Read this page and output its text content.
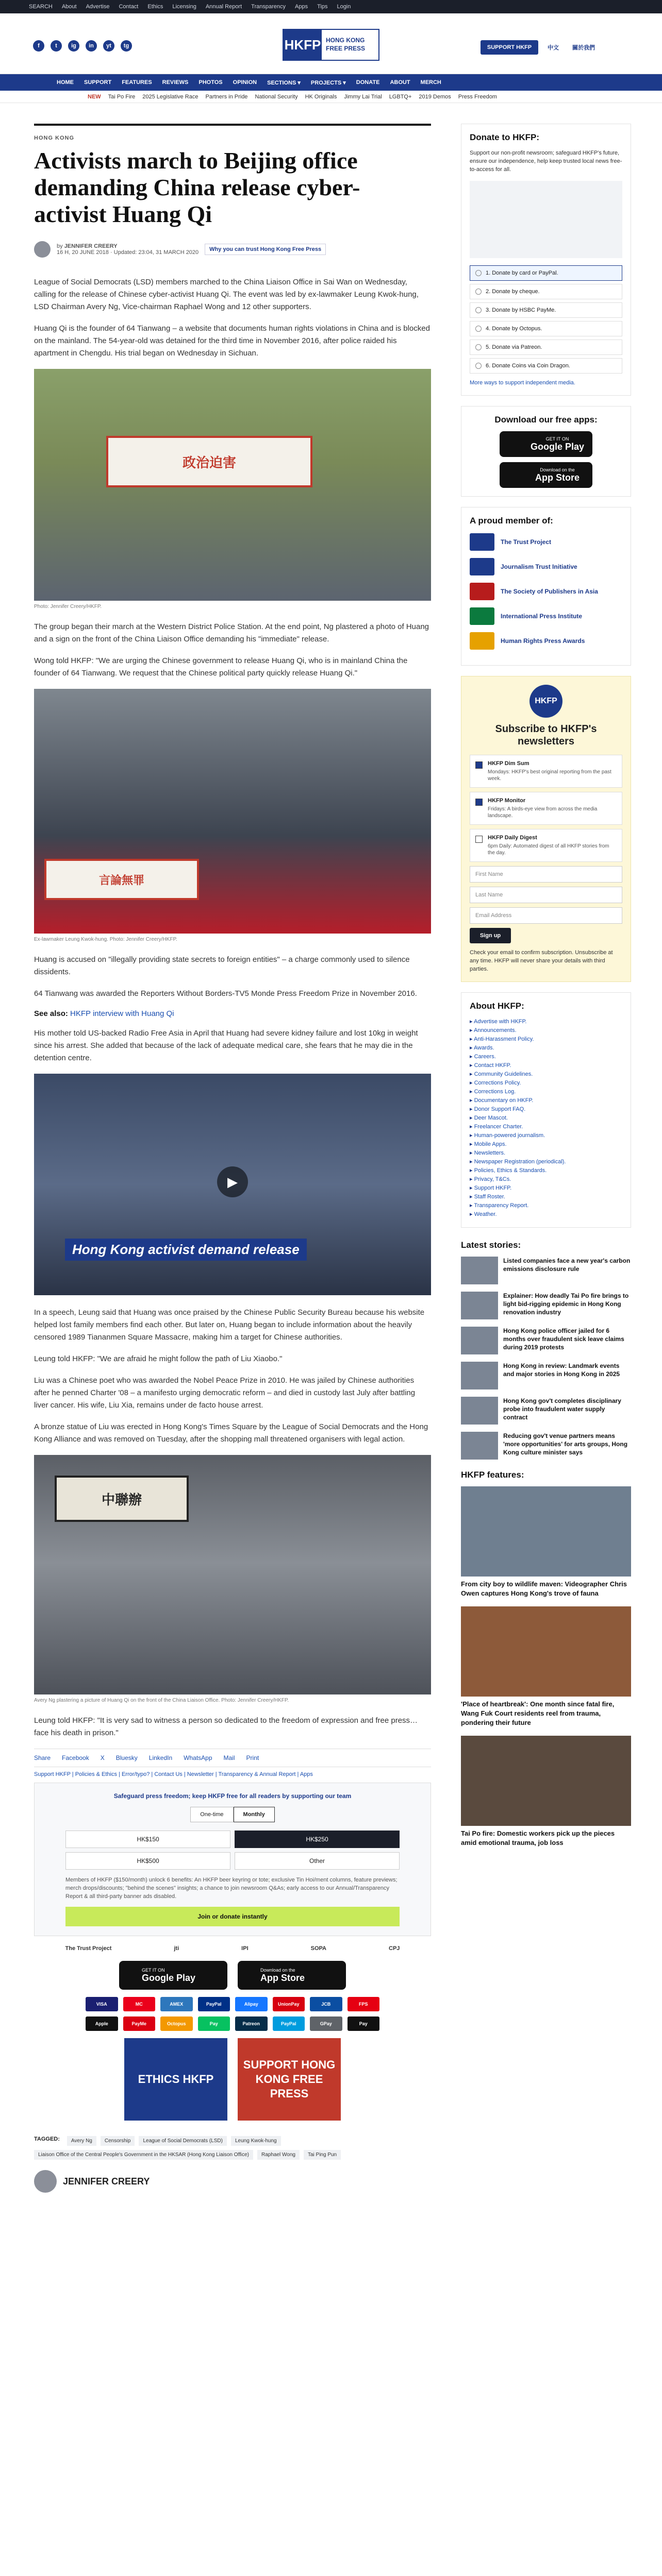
SEARCH About Advertise Contact Ethics Licensing Annual Report Transparency Apps Tips Login
f	t	ig	in	yt	tg	HKFP HONG KONG
FREE PRESS	SUPPORT HKFP	中文 關於我們
HOME SUPPORT FEATURES REVIEWS PHOTOS OPINION SECTIONS ▾ PROJECTS ▾ DONATE ABOUT MERCH
NEW Tai Po Fire 2025 Legislative Race Partners in Pride National Security HK Originals Jimmy Lai Trial LGBTQ+ 2019 Demos Press Freedom
HONG KONG
Activists march to Beijing office demanding China release cyber-activist Huang Qi
by JENNIFER CREERY
16 H, 20 JUNE 2018 · Updated: 23:04, 31 MARCH 2020	Why you can trust Hong Kong Free Press

League of Social Democrats (LSD) members marched to the China Liaison Office in Sai Wan on Wednesday, calling for the release of Chinese cyber-activist Huang Qi. The event was led by ex-lawmaker Leung Kwok-hung, LSD Chairman Avery Ng, Vice-chairman Raphael Wong and 12 other supporters.

Huang Qi is the founder of 64 Tianwang – a website that documents human rights violations in China and is blocked on the mainland. The 54-year-old was detained for the third time in November 2016, after police raided his apartment in Chengdu. His trial began on Wednesday in Sichuan.

政治迫害
Photo: Jennifer Creery/HKFP.

The group began their march at the Western District Police Station. At the end point, Ng plastered a photo of Huang and a sign on the front of the China Liaison Office demanding his "immediate" release.

Wong told HKFP: "We are urging the Chinese government to release Huang Qi, who is in mainland China the founder of 64 Tianwang. We request that the Chinese political party quickly release Huang Qi."

言論無罪
Ex-lawmaker Leung Kwok-hung. Photo: Jennifer Creery/HKFP.

Huang is accused on "illegally providing state secrets to foreign entities" – a charge commonly used to silence dissidents.

64 Tianwang was awarded the Reporters Without Borders-TV5 Monde Press Freedom Prize in November 2016.

See also: HKFP interview with Huang Qi

His mother told US-backed Radio Free Asia in April that Huang had severe kidney failure and lost 10kg in weight since his arrest. She added that because of the lack of adequate medical care, she fears that he may die in the detention centre.

▶
Hong Kong activist demand release

In a speech, Leung said that Huang was once praised by the Chinese Public Security Bureau because his website helped lost family members find each other. But later on, Huang began to include information about the heavily censored 1989 Tiananmen Square Massacre, making him a target for Chinese authorities.

Leung told HKFP: "We are afraid he might follow the path of Liu Xiaobo."

Liu was a Chinese poet who was awarded the Nobel Peace Prize in 2010. He was jailed by Chinese authorities after he penned Charter '08 – a manifesto urging democratic reform – and died in custody last July after battling liver cancer. His wife, Liu Xia, remains under de facto house arrest.

A bronze statue of Liu was erected in Hong Kong's Times Square by the League of Social Democrats and the Hong Kong Alliance and was removed on Tuesday, after the shopping mall threatened organisers with legal action.

中聯辦
Avery Ng plastering a picture of Huang Qi on the front of the China Liaison Office. Photo: Jennifer Creery/HKFP.

Leung told HKFP: "It is very sad to witness a person so dedicated to the freedom of expression and free press… face his death in prison."

Share Facebook X Bluesky LinkedIn WhatsApp Mail Print
Support HKFP | Policies & Ethics | Error/typo? | Contact Us | Newsletter | Transparency & Annual Report | Apps
Safeguard press freedom; keep HKFP free for all readers by supporting our team
One-time	Monthly
HK$150	HK$250
HK$500	Other

Members of HKFP ($150/month) unlock 6 benefits: An HKFP beer keyring or tote; exclusive Tin Hoi/ment columns, feature previews; merch drops/discounts; "behind the scenes" insights; a chance to join newsroom Q&As; early access to our Annual/Transparency Report & all third-party banner ads disabled.

Join or donate instantly
The Trust Project	jti	IPI	SOPA	CPJ
GET IT ON
Google Play
Download on the
App Store
VISA	MC	AMEX	PayPal	Alipay	UnionPay	JCB	FPS
Apple	PayMe	Octopus	Pay	Patreon	PayPal	GPay	Pay
ETHICS HKFP
SUPPORT HONG KONG FREE PRESS
TAGGED:	Avery Ng	Censorship	League of Social Democrats (LSD)	Leung Kwok-hung
Liaison Office of the Central People's Government in the HKSAR (Hong Kong Liaison Office)	Raphael Wong	Tai Ping Pun
JENNIFER CREERY
Donate to HKFP:

Support our non-profit newsroom; safeguard HKFP's future, ensure our independence, help keep trusted local news free-to-access for all.

1. Donate by card or PayPal.
2. Donate by cheque.
3. Donate by HSBC PayMe.
4. Donate by Octopus.
5. Donate via Patreon.
6. Donate Coins via Coin Dragon.
More ways to support independent media.
Download our free apps:
GET IT ON
Google Play
Download on the
App Store
A proud member of:
The Trust Project
Journalism Trust Initiative
The Society of Publishers in Asia
International Press Institute
Human Rights Press Awards
HKFP
Subscribe to HKFP's newsletters
HKFP Dim Sum

Mondays: HKFP's best original reporting from the past week.

HKFP Monitor

Fridays: A birds-eye view from across the media landscape.

HKFP Daily Digest

6pm Daily: Automated digest of all HKFP stories from the day.

First Name
Last Name
Email Address
Sign up

Check your email to confirm subscription. Unsubscribe at any time. HKFP will never share your details with third parties.

About HKFP:
▸ Advertise with HKFP.
▸ Announcements.
▸ Anti-Harassment Policy.
▸ Awards.
▸ Careers.
▸ Contact HKFP.
▸ Community Guidelines.
▸ Corrections Policy.
▸ Corrections Log.
▸ Documentary on HKFP.
▸ Donor Support FAQ.
▸ Deer Mascot.
▸ Freelancer Charter.
▸ Human-powered journalism.
▸ Mobile Apps.
▸ Newsletters.
▸ Newspaper Registration (periodical).
▸ Policies, Ethics & Standards.
▸ Privacy, T&Cs.
▸ Support HKFP.
▸ Staff Roster.
▸ Transparency Report.
▸ Weather.
Latest stories:
Listed companies face a new year's carbon emissions disclosure rule
Explainer: How deadly Tai Po fire brings to light bid-rigging epidemic in Hong Kong renovation industry
Hong Kong police officer jailed for 6 months over fraudulent sick leave claims during 2019 protests
Hong Kong in review: Landmark events and major stories in Hong Kong in 2025
Hong Kong gov't completes disciplinary probe into fraudulent water supply contract
Reducing gov't venue partners means 'more opportunities' for arts groups, Hong Kong culture minister says
HKFP features:
From city boy to wildlife maven: Videographer Chris Owen captures Hong Kong's trove of fauna
'Place of heartbreak': One month since fatal fire, Wang Fuk Court residents reel from trauma, pondering their future
Tai Po fire: Domestic workers pick up the pieces amid emotional trauma, job loss
